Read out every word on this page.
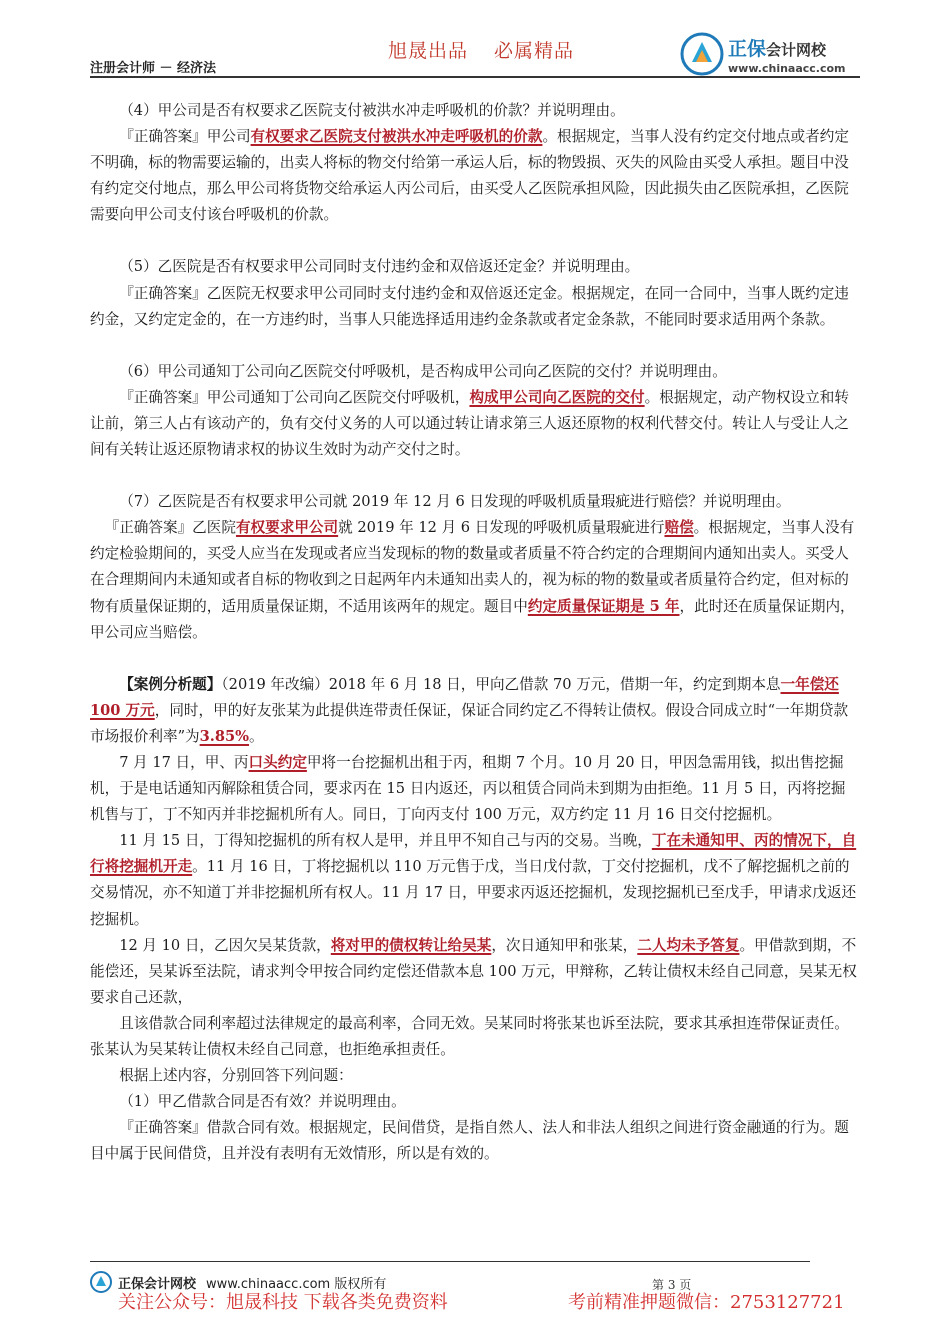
注册会计师 － 经济法
旭晟出品 必属精品	正保会计网校
www.chinaacc.com

（4）甲公司是否有权要求乙医院支付被洪水冲走呼吸机的价款？并说明理由。

『正确答案』甲公司有权要求乙医院支付被洪水冲走呼吸机的价款。根据规定，当事人没有约定交付地点或者约定不明确，标的物需要运输的，出卖人将标的物交付给第一承运人后，标的物毁损、灭失的风险由买受人承担。题目中没有约定交付地点，那么甲公司将货物交给承运人丙公司后，由买受人乙医院承担风险，因此损失由乙医院承担，乙医院需要向甲公司支付该台呼吸机的价款。

（5）乙医院是否有权要求甲公司同时支付违约金和双倍返还定金？并说明理由。

『正确答案』乙医院无权要求甲公司同时支付违约金和双倍返还定金。根据规定，在同一合同中，当事人既约定违约金，又约定定金的，在一方违约时，当事人只能选择适用违约金条款或者定金条款，不能同时要求适用两个条款。

（6）甲公司通知丁公司向乙医院交付呼吸机，是否构成甲公司向乙医院的交付？并说明理由。

『正确答案』甲公司通知丁公司向乙医院交付呼吸机，构成甲公司向乙医院的交付。根据规定，动产物权设立和转让前，第三人占有该动产的，负有交付义务的人可以通过转让请求第三人返还原物的权利代替交付。转让人与受让人之间有关转让返还原物请求权的协议生效时为动产交付之时。

（7）乙医院是否有权要求甲公司就 2019 年 12 月 6 日发现的呼吸机质量瑕疵进行赔偿？并说明理由。

『正确答案』乙医院有权要求甲公司就 2019 年 12 月 6 日发现的呼吸机质量瑕疵进行赔偿。根据规定，当事人没有约定检验期间的，买受人应当在发现或者应当发现标的物的数量或者质量不符合约定的合理期间内通知出卖人。买受人在合理期间内未通知或者自标的物收到之日起两年内未通知出卖人的，视为标的物的数量或者质量符合约定，但对标的物有质量保证期的，适用质量保证期，不适用该两年的规定。题目中约定质量保证期是 5 年，此时还在质量保证期内，甲公司应当赔偿。

【案例分析题】（2019 年改编）2018 年 6 月 18 日，甲向乙借款 70 万元，借期一年，约定到期本息一年偿还 100 万元，同时，甲的好友张某为此提供连带责任保证，保证合同约定乙不得转让债权。假设合同成立时“一年期贷款市场报价利率”为3.85%。

7 月 17 日，甲、丙口头约定甲将一台挖掘机出租于丙，租期 7 个月。10 月 20 日，甲因急需用钱，拟出售挖掘机，于是电话通知丙解除租赁合同，要求丙在 15 日内返还，丙以租赁合同尚未到期为由拒绝。11 月 5 日，丙将挖掘机售与丁，丁不知丙并非挖掘机所有人。同日，丁向丙支付 100 万元，双方约定 11 月 16 日交付挖掘机。

11 月 15 日，丁得知挖掘机的所有权人是甲，并且甲不知自己与丙的交易。当晚，丁在未通知甲、丙的情况下，自行将挖掘机开走。11 月 16 日，丁将挖掘机以 110 万元售于戊，当日戊付款，丁交付挖掘机，戊不了解挖掘机之前的交易情况，亦不知道丁并非挖掘机所有权人。11 月 17 日，甲要求丙返还挖掘机，发现挖掘机已至戊手，甲请求戊返还挖掘机。

12 月 10 日，乙因欠吴某货款，将对甲的债权转让给吴某，次日通知甲和张某，二人均未予答复。甲借款到期，不能偿还，吴某诉至法院，请求判令甲按合同约定偿还借款本息 100 万元，甲辩称，乙转让债权未经自己同意，吴某无权要求自己还款，

且该借款合同利率超过法律规定的最高利率，合同无效。吴某同时将张某也诉至法院，要求其承担连带保证责任。张某认为吴某转让债权未经自己同意，也拒绝承担责任。

根据上述内容，分别回答下列问题：

（1）甲乙借款合同是否有效？并说明理由。

『正确答案』借款合同有效。根据规定，民间借贷，是指自然人、法人和非法人组织之间进行资金融通的行为。题目中属于民间借贷，且并没有表明有无效情形，所以是有效的。

正保会计网校 www.chinaacc.com 版权所有	第 3 页
关注公众号：旭晟科技 下载各类免费资料	考前精准押题微信：2753127721
